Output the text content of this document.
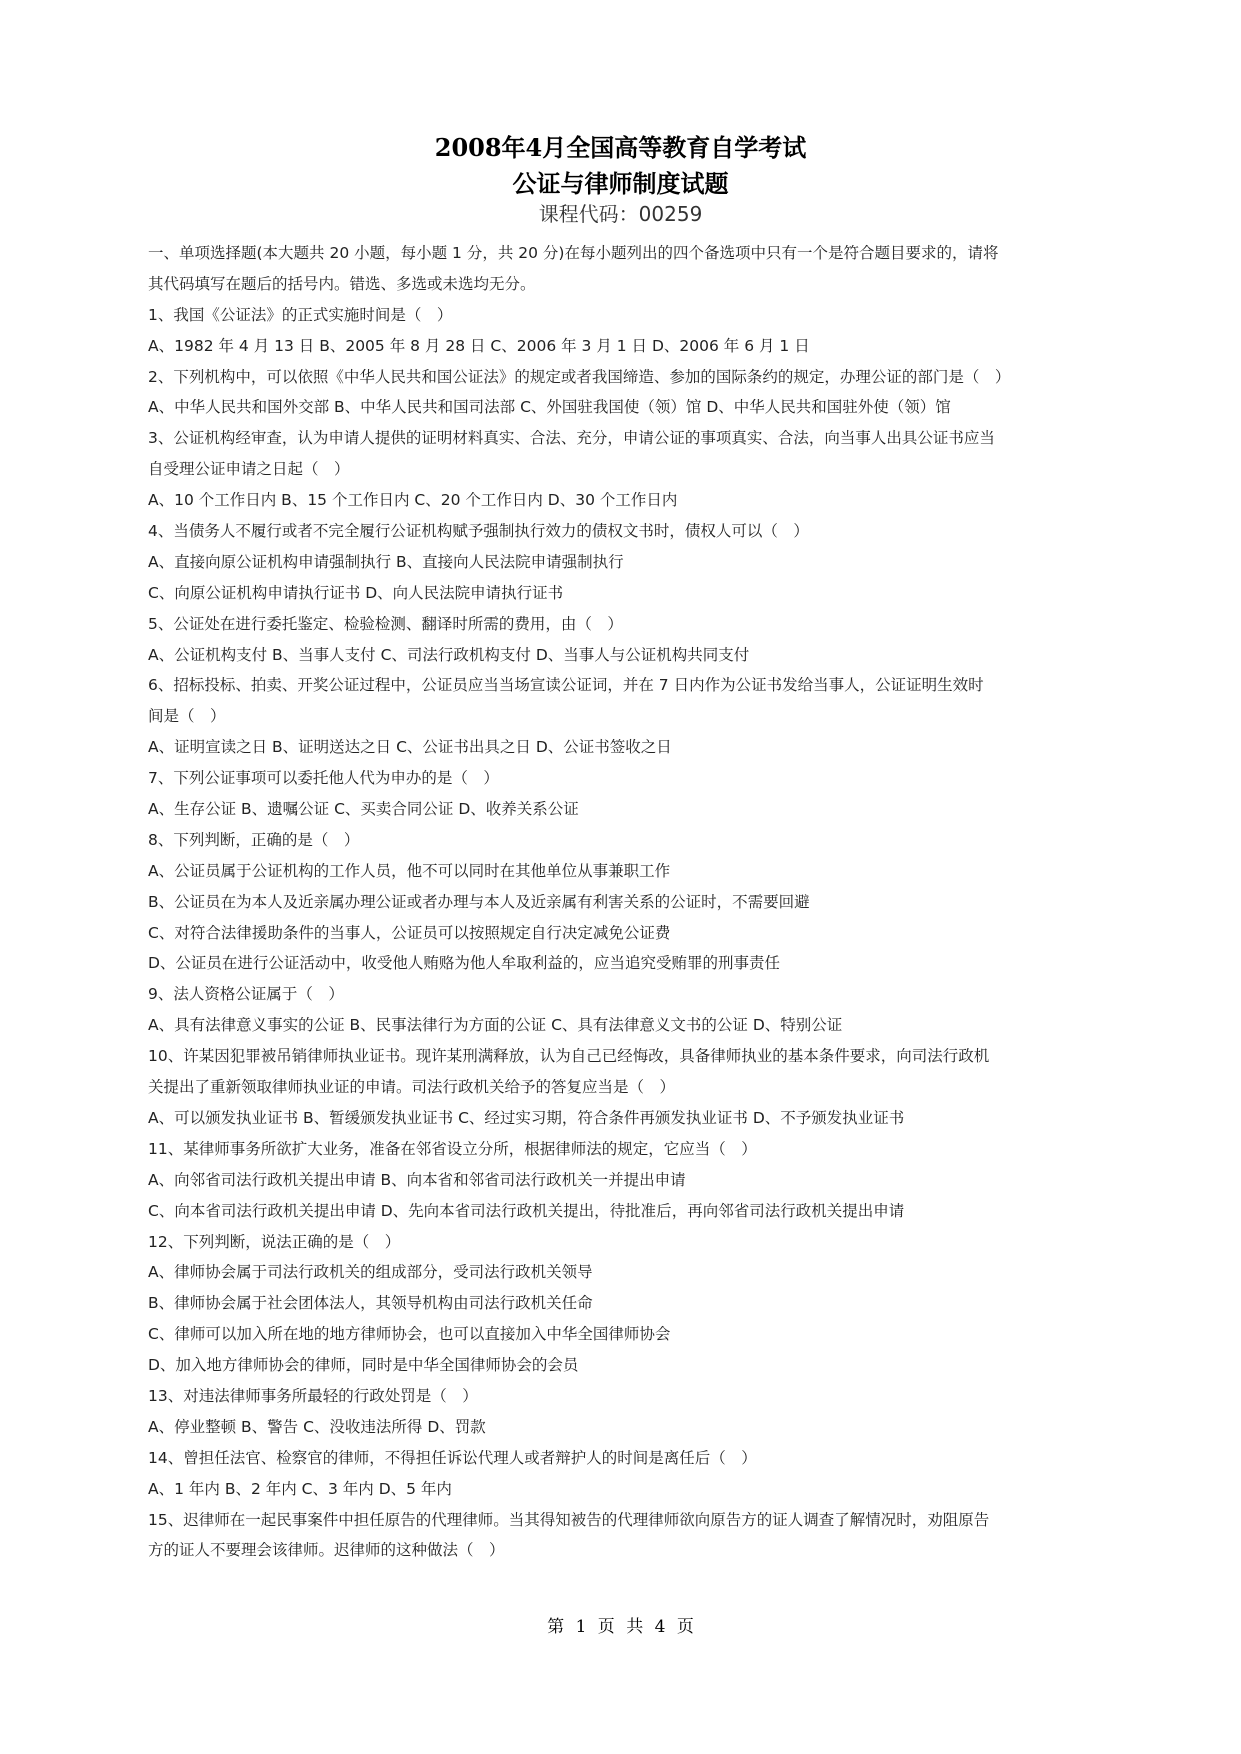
2008年4月全国高等教育自学考试
公证与律师制度试题
课程代码：00259
一、单项选择题(本大题共 20 小题，每小题 1 分，共 20 分)在每小题列出的四个备选项中只有一个是符合题目要求的，请将
其代码填写在题后的括号内。错选、多选或未选均无分。
1、我国《公证法》的正式实施时间是（　）
A、1982 年 4 月 13 日 B、2005 年 8 月 28 日 C、2006 年 3 月 1 日 D、2006 年 6 月 1 日
2、下列机构中，可以依照《中华人民共和国公证法》的规定或者我国缔造、参加的国际条约的规定，办理公证的部门是（　）
A、中华人民共和国外交部 B、中华人民共和国司法部 C、外国驻我国使（领）馆 D、中华人民共和国驻外使（领）馆
3、公证机构经审查，认为申请人提供的证明材料真实、合法、充分，申请公证的事项真实、合法，向当事人出具公证书应当
自受理公证申请之日起（　）
A、10 个工作日内 B、15 个工作日内 C、20 个工作日内 D、30 个工作日内
4、当债务人不履行或者不完全履行公证机构赋予强制执行效力的债权文书时，债权人可以（　）
A、直接向原公证机构申请强制执行 B、直接向人民法院申请强制执行
C、向原公证机构申请执行证书 D、向人民法院申请执行证书
5、公证处在进行委托鉴定、检验检测、翻译时所需的费用，由（　）
A、公证机构支付 B、当事人支付 C、司法行政机构支付 D、当事人与公证机构共同支付
6、招标投标、拍卖、开奖公证过程中，公证员应当当场宣读公证词，并在 7 日内作为公证书发给当事人，公证证明生效时
间是（　）
A、证明宣读之日 B、证明送达之日 C、公证书出具之日 D、公证书签收之日
7、下列公证事项可以委托他人代为申办的是（　）
A、生存公证 B、遗嘱公证 C、买卖合同公证 D、收养关系公证
8、下列判断，正确的是（　）
A、公证员属于公证机构的工作人员，他不可以同时在其他单位从事兼职工作
B、公证员在为本人及近亲属办理公证或者办理与本人及近亲属有利害关系的公证时，不需要回避
C、对符合法律援助条件的当事人，公证员可以按照规定自行决定减免公证费
D、公证员在进行公证活动中，收受他人贿赂为他人牟取利益的，应当追究受贿罪的刑事责任
9、法人资格公证属于（　）
A、具有法律意义事实的公证 B、民事法律行为方面的公证 C、具有法律意义文书的公证 D、特别公证
10、许某因犯罪被吊销律师执业证书。现许某刑满释放，认为自己已经悔改，具备律师执业的基本条件要求，向司法行政机
关提出了重新领取律师执业证的申请。司法行政机关给予的答复应当是（　）
A、可以颁发执业证书 B、暂缓颁发执业证书 C、经过实习期，符合条件再颁发执业证书 D、不予颁发执业证书
11、某律师事务所欲扩大业务，准备在邻省设立分所，根据律师法的规定，它应当（　）
A、向邻省司法行政机关提出申请 B、向本省和邻省司法行政机关一并提出申请
C、向本省司法行政机关提出申请 D、先向本省司法行政机关提出，待批准后，再向邻省司法行政机关提出申请
12、下列判断，说法正确的是（　）
A、律师协会属于司法行政机关的组成部分，受司法行政机关领导
B、律师协会属于社会团体法人，其领导机构由司法行政机关任命
C、律师可以加入所在地的地方律师协会，也可以直接加入中华全国律师协会
D、加入地方律师协会的律师，同时是中华全国律师协会的会员
13、对违法律师事务所最轻的行政处罚是（　）
A、停业整顿 B、警告 C、没收违法所得 D、罚款
14、曾担任法官、检察官的律师，不得担任诉讼代理人或者辩护人的时间是离任后（　）
A、1 年内 B、2 年内 C、3 年内 D、5 年内
15、迟律师在一起民事案件中担任原告的代理律师。当其得知被告的代理律师欲向原告方的证人调查了解情况时，劝阻原告
方的证人不要理会该律师。迟律师的这种做法（　）
第 1 页 共 4 页
